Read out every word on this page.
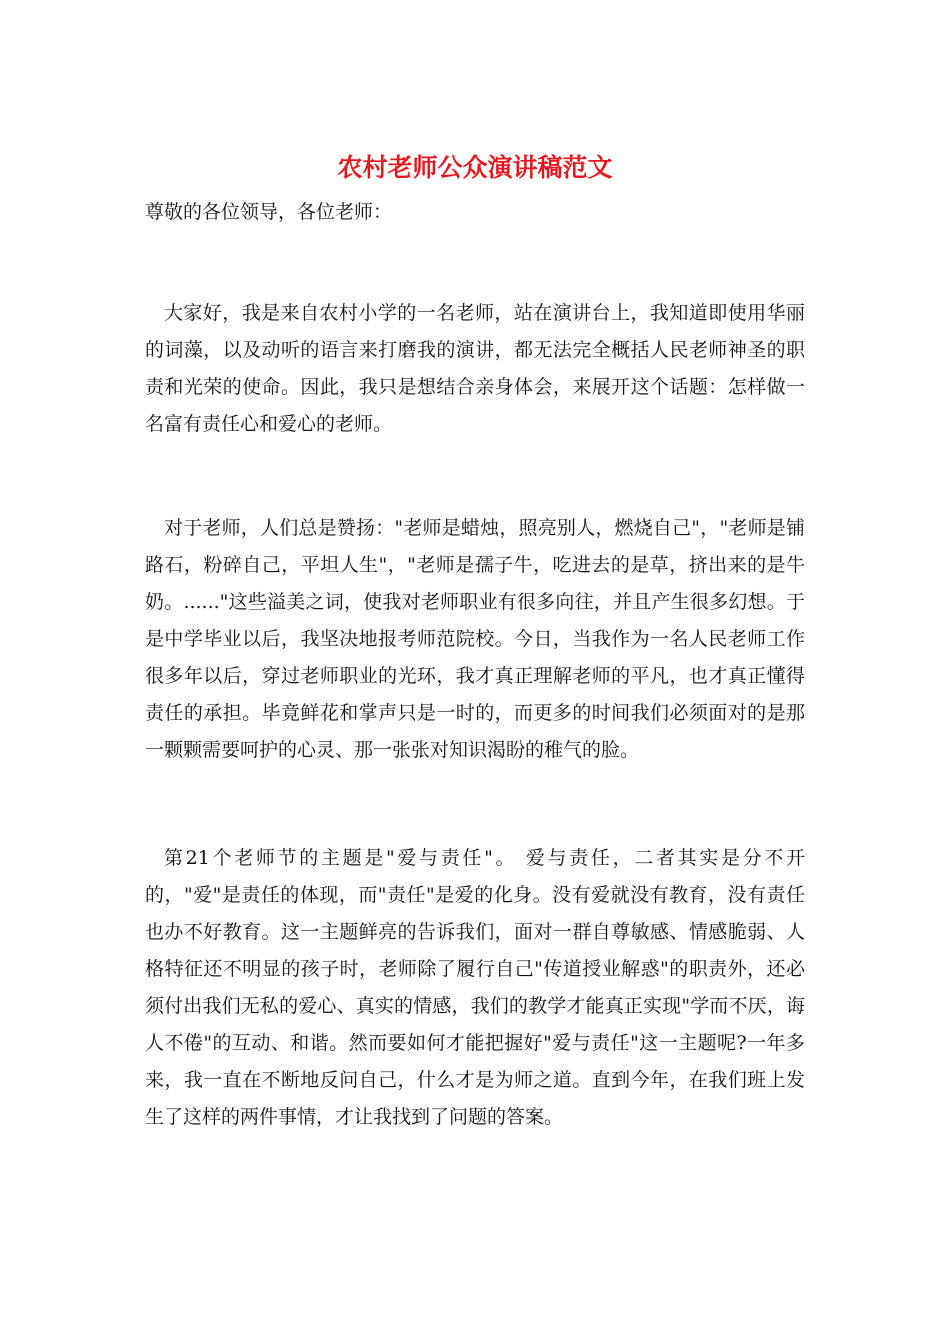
农村老师公众演讲稿范文

尊敬的各位领导，各位老师：

大家好，我是来自农村小学的一名老师，站在演讲台上，我知道即使用华丽的词藻，以及动听的语言来打磨我的演讲，都无法完全概括人民老师神圣的职责和光荣的使命。因此，我只是想结合亲身体会，来展开这个话题：怎样做一名富有责任心和爱心的老师。

对于老师，人们总是赞扬："老师是蜡烛，照亮别人，燃烧自己"，"老师是铺路石，粉碎自己，平坦人生"，"老师是孺子牛，吃进去的是草，挤出来的是牛奶。......"这些溢美之词，使我对老师职业有很多向往，并且产生很多幻想。于是中学毕业以后，我坚决地报考师范院校。今日，当我作为一名人民老师工作很多年以后，穿过老师职业的光环，我才真正理解老师的平凡，也才真正懂得责任的承担。毕竟鲜花和掌声只是一时的，而更多的时间我们必须面对的是那一颗颗需要呵护的心灵、那一张张对知识渴盼的稚气的脸。

第21个老师节的主题是"爱与责任"。 爱与责任，二者其实是分不开的，"爱"是责任的体现，而"责任"是爱的化身。没有爱就没有教育，没有责任也办不好教育。这一主题鲜亮的告诉我们，面对一群自尊敏感、情感脆弱、人格特征还不明显的孩子时，老师除了履行自己"传道授业解惑"的职责外，还必须付出我们无私的爱心、真实的情感，我们的教学才能真正实现"学而不厌，诲人不倦"的互动、和谐。然而要如何才能把握好"爱与责任"这一主题呢?一年多来，我一直在不断地反问自己，什么才是为师之道。直到今年，在我们班上发生了这样的两件事情，才让我找到了问题的答案。
